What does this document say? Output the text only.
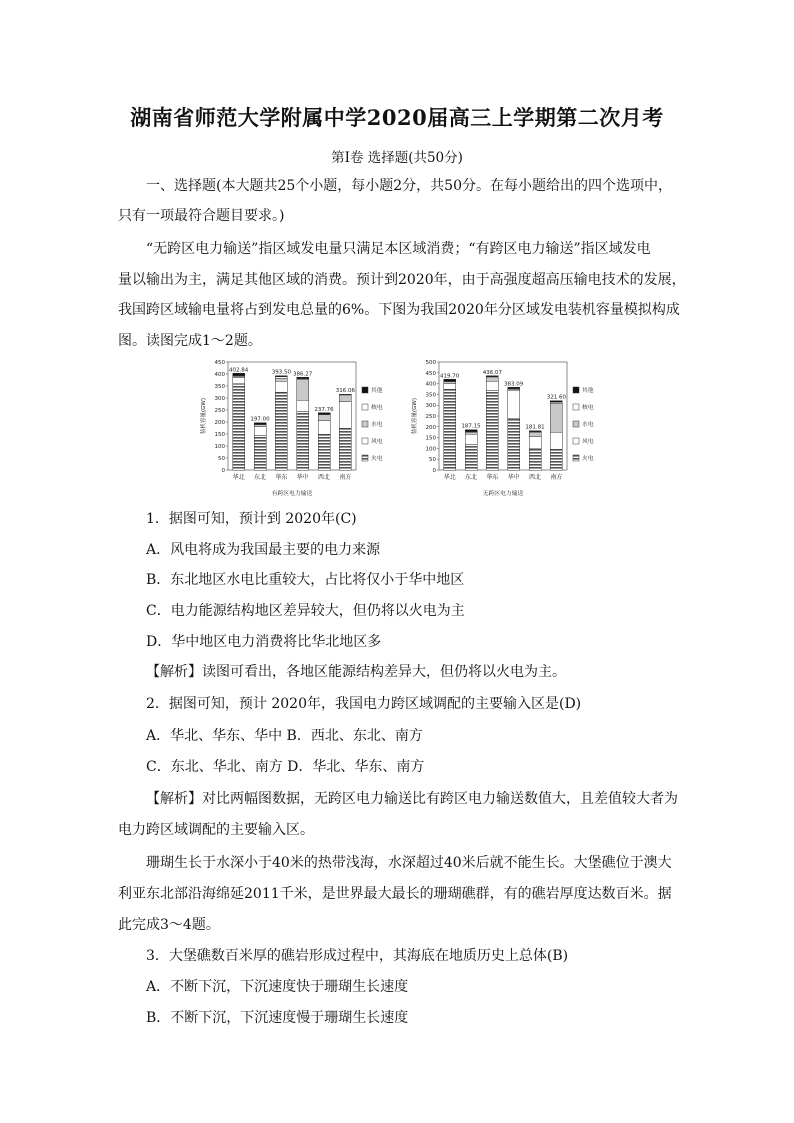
湖南省师范大学附属中学2020届高三上学期第二次月考
第Ⅰ卷 选择题(共50分)
一、选择题(本大题共25个小题，每小题2分，共50分。在每小题给出的四个选项中，
只有一项最符合题目要求。)
“无跨区电力输送”指区域发电量只满足本区域消费；“有跨区电力输送”指区域发电
量以输出为主，满足其他区域的消费。预计到2020年，由于高强度超高压输电技术的发展，
我国跨区域输电量将占到发电总量的6%。下图为我国2020年分区域发电装机容量模拟构成
图。读图完成1～2题。
0
50
100
150
200
250
300
350
400
450
装机容量(GW)
402.84
华北
197.00
东北
393.50
华东
386.27
华中
237.76
西北
316.06
南方
有跨区电力输送
其他
核电
水电
风电
火电
0
50
100
150
200
250
300
350
400
450
500
装机容量(GW)
419.70
华北
187.15
东北
436.07
华东
383.09
华中
181.81
西北
321.60
南方
无跨区电力输送
其他
核电
水电
风电
火电
1．据图可知，预计到 2020年(C)
A．风电将成为我国最主要的电力来源
B．东北地区水电比重较大，占比将仅小于华中地区
C．电力能源结构地区差异较大，但仍将以火电为主
D．华中地区电力消费将比华北地区多
【解析】读图可看出，各地区能源结构差异大，但仍将以火电为主。
2．据图可知，预计 2020年，我国电力跨区域调配的主要输入区是(D)
A．华北、华东、华中 B．西北、东北、南方
C．东北、华北、南方 D．华北、华东、南方
【解析】对比两幅图数据，无跨区电力输送比有跨区电力输送数值大，且差值较大者为
电力跨区域调配的主要输入区。
珊瑚生长于水深小于40米的热带浅海，水深超过40米后就不能生长。大堡礁位于澳大
利亚东北部沿海绵延2011千米，是世界最大最长的珊瑚礁群，有的礁岩厚度达数百米。据
此完成3～4题。
3．大堡礁数百米厚的礁岩形成过程中，其海底在地质历史上总体(B)
A．不断下沉，下沉速度快于珊瑚生长速度
B．不断下沉，下沉速度慢于珊瑚生长速度
